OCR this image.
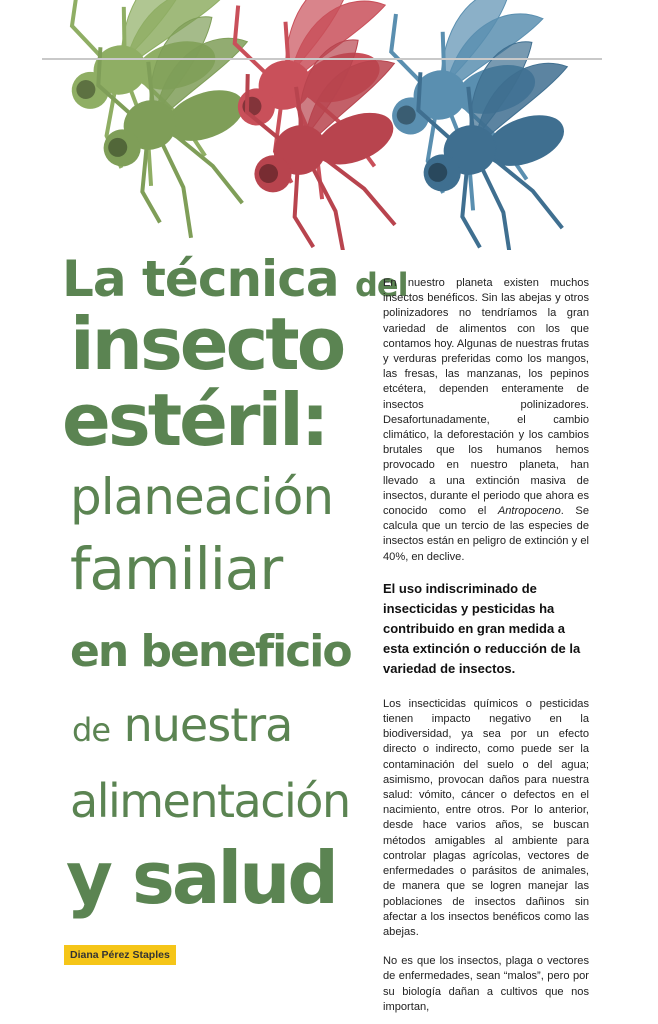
La técnica del
insecto
estéril:
planeación
familiar
en beneficio
de nuestra
alimentación
y salud
Diana Pérez Staples

En nuestro planeta existen muchos insectos benéficos. Sin las abejas y otros polinizadores no tendríamos la gran variedad de alimentos con los que contamos hoy. Algunas de nuestras frutas y verduras preferidas como los mangos, las fresas, las manzanas, los pepinos etcétera, dependen enteramente de insectos polinizadores. Desafortunadamente, el cambio climático, la deforestación y los cambios brutales que los humanos hemos provocado en nuestro planeta, han llevado a una extinción masiva de insectos, durante el periodo que ahora es conocido como el Antropoceno. Se calcula que un tercio de las especies de insectos están en peligro de extinción y el 40%, en declive.

El uso indiscriminado de insecticidas y pesticidas ha contribuido en gran medida a esta extinción o reducción de la variedad de insectos.

Los insecticidas químicos o pesticidas tienen impacto negativo en la biodiversidad, ya sea por un efecto directo o indirecto, como puede ser la contaminación del suelo o del agua; asimismo, provocan daños para nuestra salud: vómito, cáncer o defectos en el nacimiento, entre otros. Por lo anterior, desde hace varios años, se buscan métodos amigables al ambiente para controlar plagas agrícolas, vectores de enfermedades o parásitos de animales, de manera que se logren manejar las poblaciones de insectos dañinos sin afectar a los insectos benéficos como las abejas.

No es que los insectos, plaga o vectores de enfermedades, sean “malos”, pero por su biología dañan a cultivos que nos importan,
